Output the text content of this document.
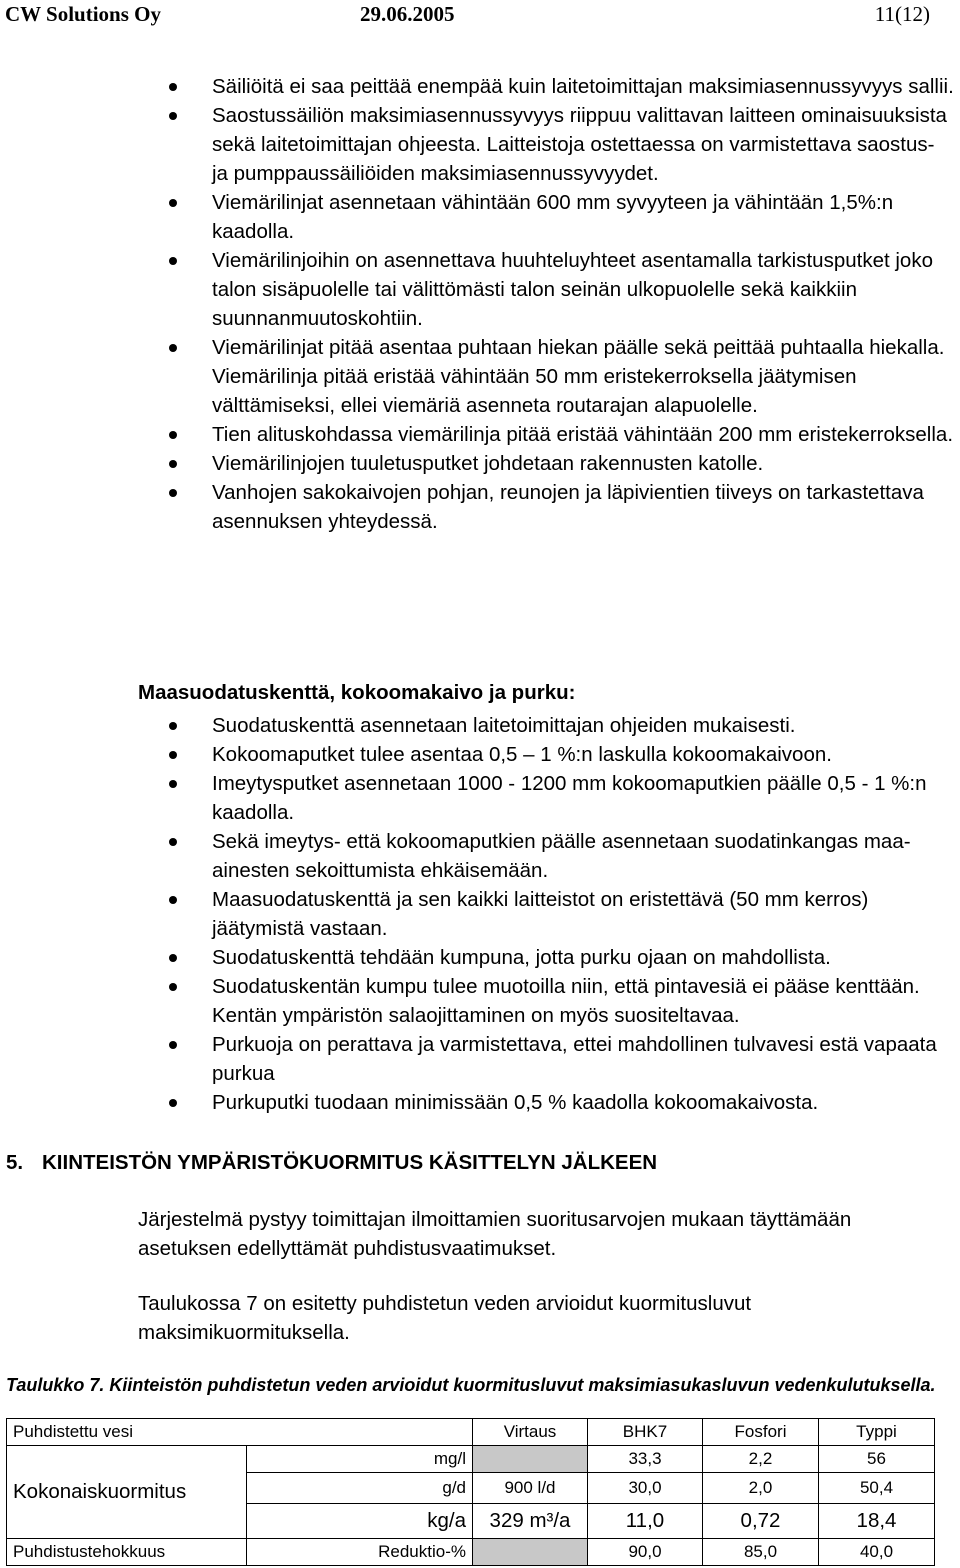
CW Solutions Oy	29.06.2005	11(12)
Säiliöitä ei saa peittää enempää kuin laitetoimittajan maksimiasennussyvyys sallii.
Saostussäiliön maksimiasennussyvyys riippuu valittavan laitteen ominaisuuksista sekä laitetoimittajan ohjeesta. Laitteistoja ostettaessa on varmistettava saostus- ja pumppaussäiliöiden maksimiasennussyvyydet.
Viemärilinjat asennetaan vähintään 600 mm syvyyteen ja vähintään 1,5%:n kaadolla.
Viemärilinjoihin on asennettava huuhteluyhteet asentamalla tarkistusputket joko talon sisäpuolelle tai välittömästi talon seinän ulkopuolelle sekä kaikkiin suunnanmuutoskohtiin.
Viemärilinjat pitää asentaa puhtaan hiekan päälle sekä peittää puhtaalla hiekalla. Viemärilinja pitää eristää vähintään 50 mm eristekerroksella jäätymisen välttämiseksi, ellei viemäriä asenneta routarajan alapuolelle.
Tien alituskohdassa viemärilinja pitää eristää vähintään 200 mm eristekerroksella.
Viemärilinjojen tuuletusputket johdetaan rakennusten katolle.
Vanhojen sakokaivojen pohjan, reunojen ja läpivientien tiiveys on tarkastettava asennuksen yhteydessä.
Maasuodatuskenttä, kokoomakaivo ja purku:
Suodatuskenttä asennetaan laitetoimittajan ohjeiden mukaisesti.
Kokoomaputket tulee asentaa 0,5 – 1 %:n laskulla kokoomakaivoon.
Imeytysputket asennetaan 1000 - 1200 mm kokoomaputkien päälle 0,5 - 1 %:n kaadolla.
Sekä imeytys- että kokoomaputkien päälle asennetaan suodatinkangas maa-ainesten sekoittumista ehkäisemään.
Maasuodatuskenttä ja sen kaikki laitteistot on eristettävä (50 mm kerros) jäätymistä vastaan.
Suodatuskenttä tehdään kumpuna, jotta purku ojaan on mahdollista.
Suodatuskentän kumpu tulee muotoilla niin, että pintavesiä ei pääse kenttään. Kentän ympäristön salaojittaminen on myös suositeltavaa.
Purkuoja on perattava ja varmistettava, ettei mahdollinen tulvavesi estä vapaata purkua
Purkuputki tuodaan minimissään 0,5 % kaadolla kokoomakaivosta.
5. KIINTEISTÖN YMPÄRISTÖKUORMITUS KÄSITTELYN JÄLKEEN
Järjestelmä pystyy toimittajan ilmoittamien suoritusarvojen mukaan täyttämään asetuksen edellyttämät puhdistusvaatimukset.
Taulukossa 7 on esitetty puhdistetun veden arvioidut kuormitusluvut maksimikuormituksella.
Taulukko 7. Kiinteistön puhdistetun veden arvioidut kuormitusluvut maksimiasukasluvun vedenkulutuksella.
Puhdistettu vesi		Virtaus	BHK7	Fosfori	Typpi
Kokonaiskuormitus	mg/l		33,3	2,2	56
	g/d	900 l/d	30,0	2,0	50,4
	kg/a	329 m³/a	11,0	0,72	18,4
Puhdistustehokkuus	Reduktio-%		90,0	85,0	40,0
